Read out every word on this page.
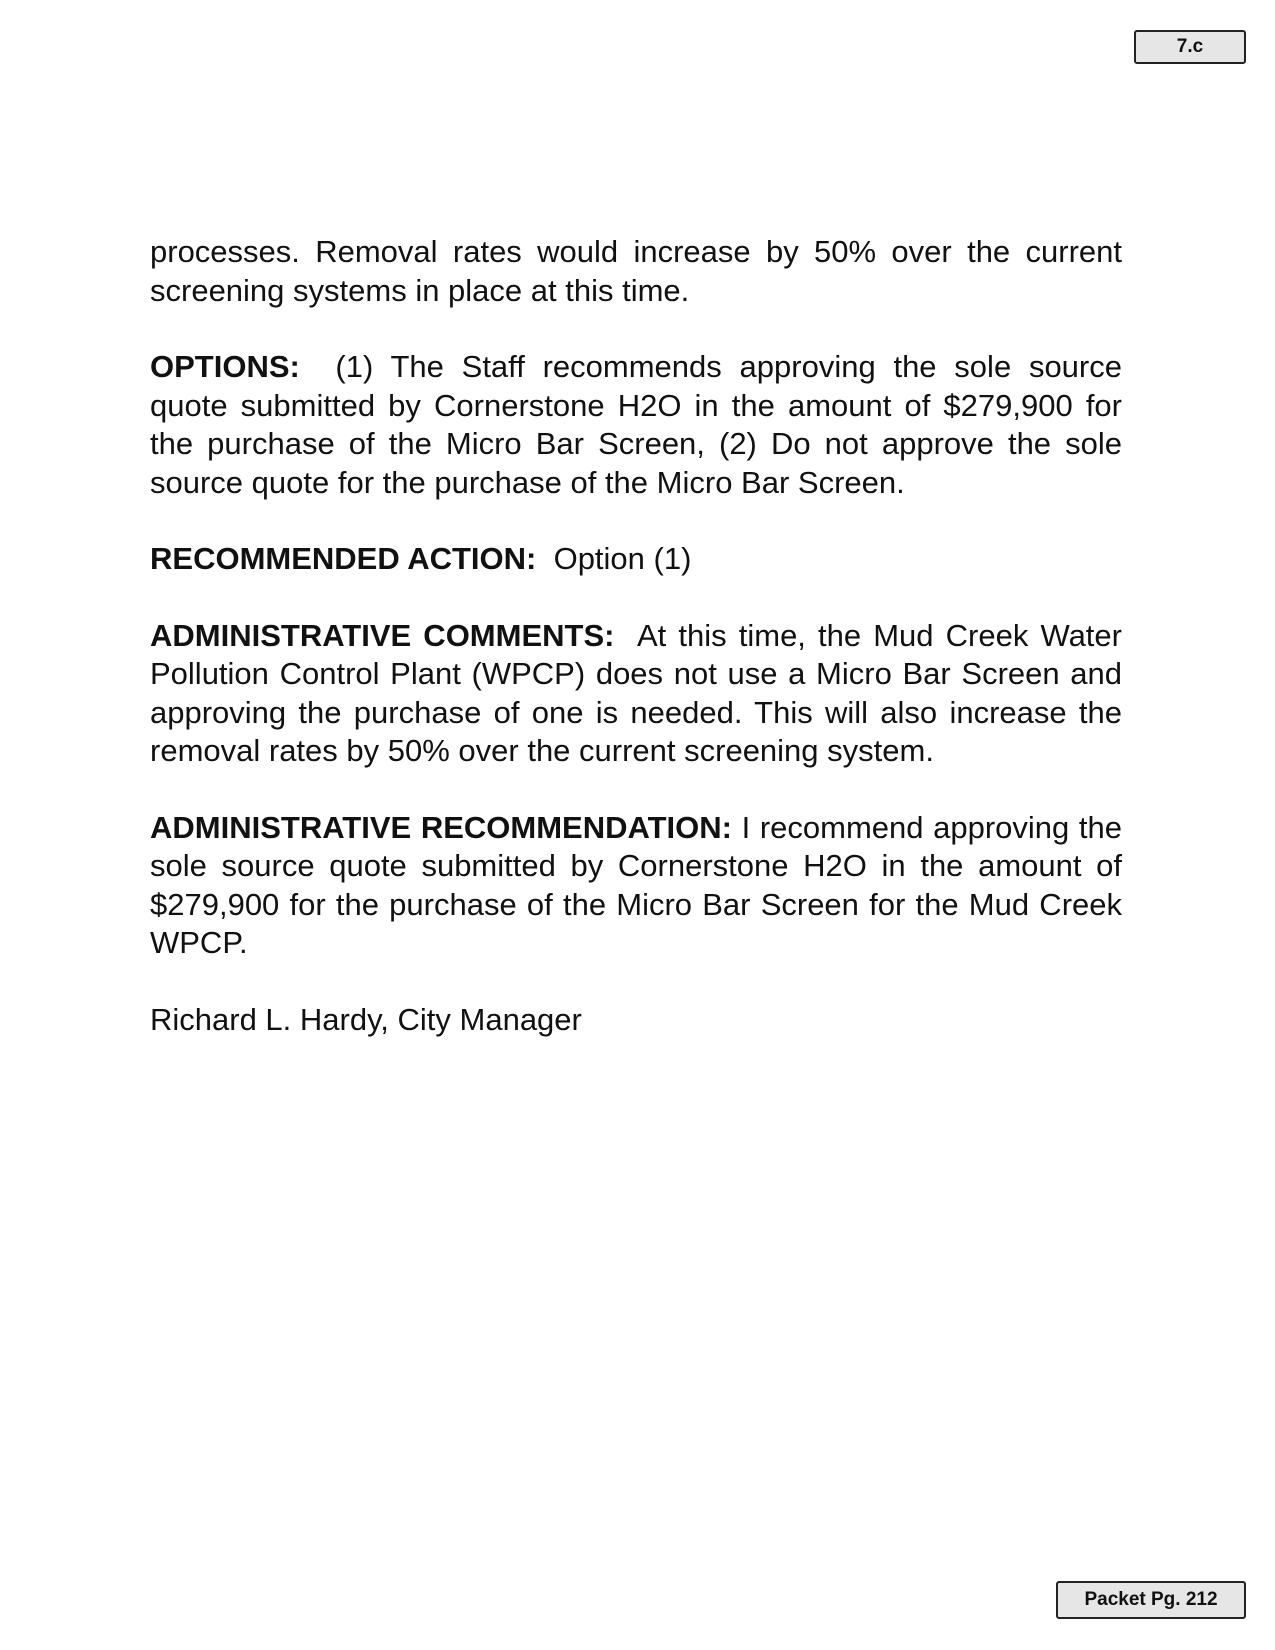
7.c

processes. Removal rates would increase by 50% over the current screening systems in place at this time.

OPTIONS: (1) The Staff recommends approving the sole source quote submitted by Cornerstone H2O in the amount of $279,900 for the purchase of the Micro Bar Screen, (2) Do not approve the sole source quote for the purchase of the Micro Bar Screen.

RECOMMENDED ACTION: Option (1)

ADMINISTRATIVE COMMENTS: At this time, the Mud Creek Water Pollution Control Plant (WPCP) does not use a Micro Bar Screen and approving the purchase of one is needed. This will also increase the removal rates by 50% over the current screening system.

ADMINISTRATIVE RECOMMENDATION: I recommend approving the sole source quote submitted by Cornerstone H2O in the amount of $279,900 for the purchase of the Micro Bar Screen for the Mud Creek WPCP.

Richard L. Hardy, City Manager

Packet Pg. 212
